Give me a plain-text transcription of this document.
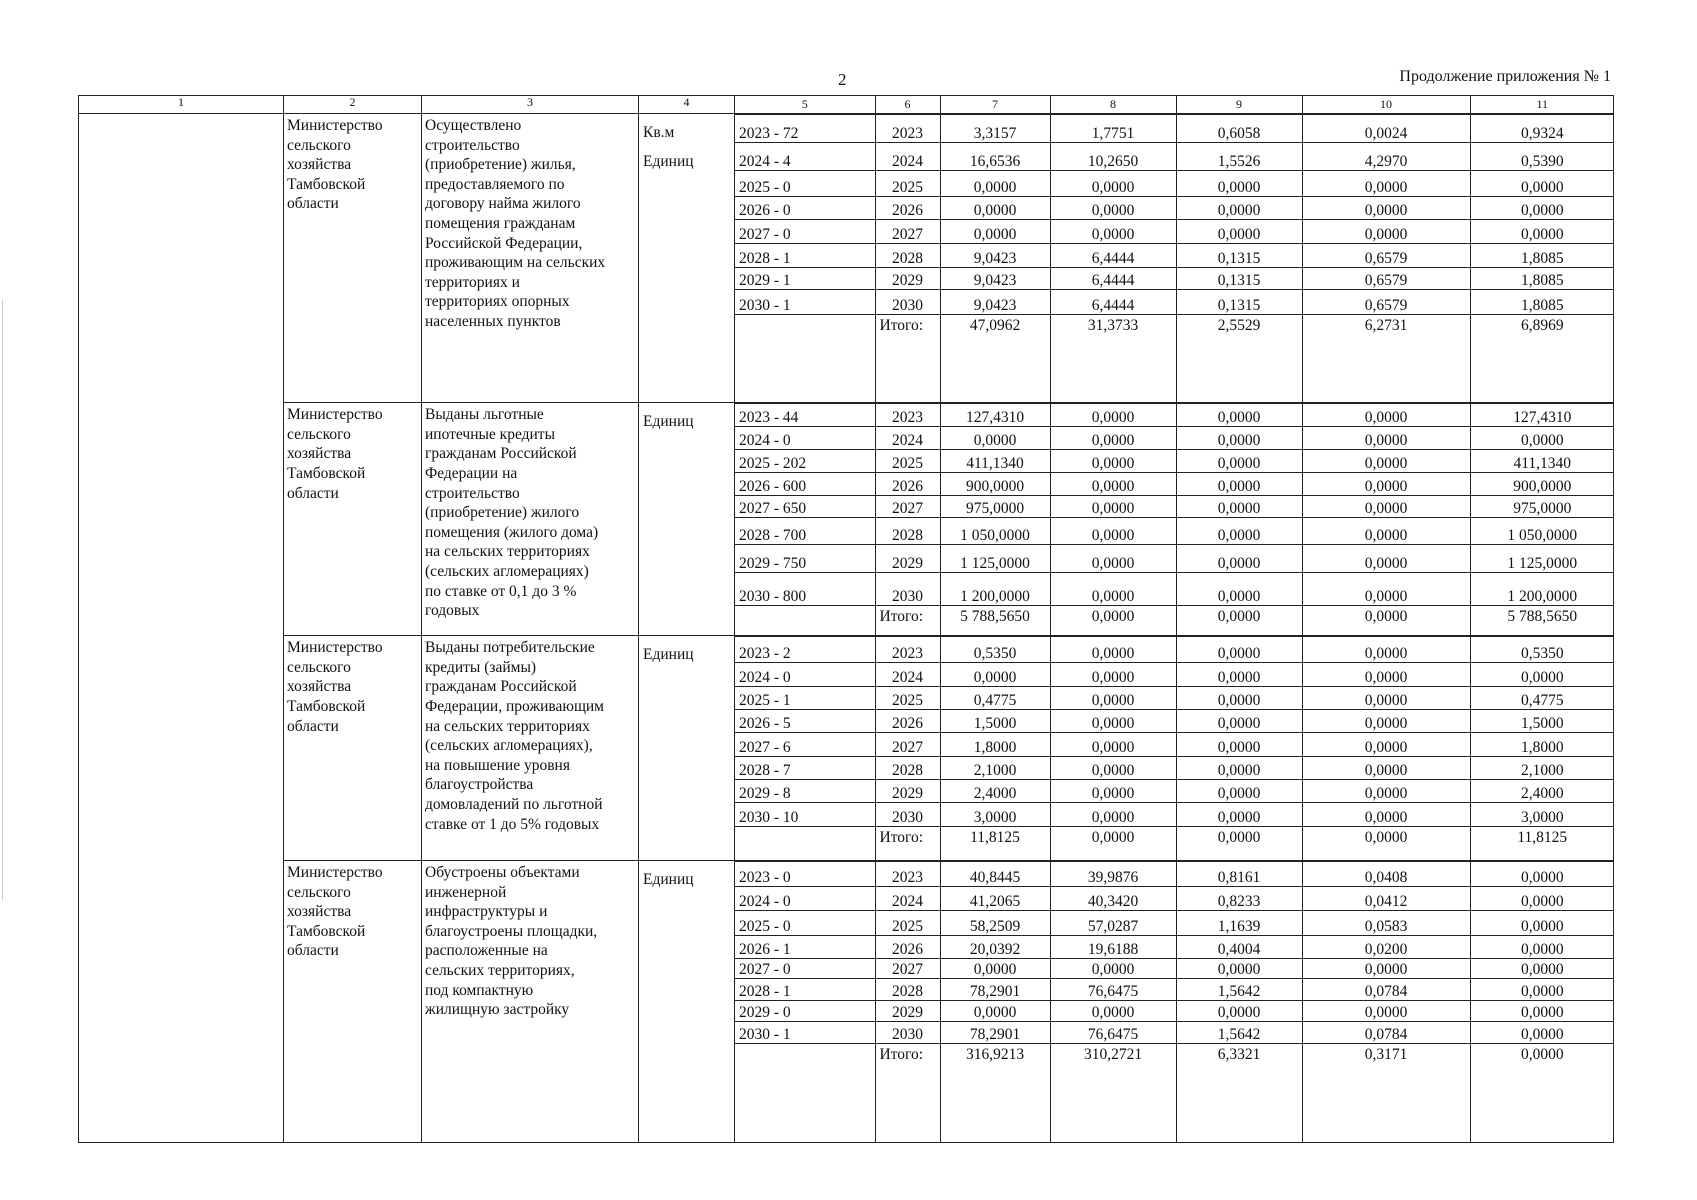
2	Продолжение приложения № 1
1	2	3	4		5	6	7	8	9	10	11

	Министерство
сельского
хозяйства
Тамбовской
области	Осуществлено
строительство
(приобретение) жилья,
предоставляемого по
договору найма жилого
помещения гражданам
Российской Федерации,
проживающим на сельских
территориях и
территориях опорных
населенных пунктов	Кв.м
Единиц	
2023 - 72	2023	3,3157	1,7751	0,6058	0,0024	0,9324
2024 - 4	2024	16,6536	10,2650	1,5526	4,2970	0,5390
2025 - 0	2025	0,0000	0,0000	0,0000	0,0000	0,0000
2026 - 0	2026	0,0000	0,0000	0,0000	0,0000	0,0000
2027 - 0	2027	0,0000	0,0000	0,0000	0,0000	0,0000
2028 - 1	2028	9,0423	6,4444	0,1315	0,6579	1,8085
2029 - 1	2029	9,0423	6,4444	0,1315	0,6579	1,8085
2030 - 1	2030	9,0423	6,4444	0,1315	0,6579	1,8085
	Итого:	47,0962	31,3733	2,5529	6,2731	6,8969

Министерство
сельского
хозяйства
Тамбовской
области	Выданы льготные
ипотечные кредиты
гражданам Российской
Федерации на
строительство
(приобретение) жилого
помещения (жилого дома)
на сельских территориях
(сельских агломерациях)
по ставке от 0,1 до 3 %
годовых	Единиц		2023 - 44	2023	127,4310	0,0000	0,0000	0,0000	127,4310
2024 - 0	2024	0,0000	0,0000	0,0000	0,0000	0,0000
2025 - 202	2025	411,1340	0,0000	0,0000	0,0000	411,1340
2026 - 600	2026	900,0000	0,0000	0,0000	0,0000	900,0000
2027 - 650	2027	975,0000	0,0000	0,0000	0,0000	975,0000
2028 - 700	2028	1 050,0000	0,0000	0,0000	0,0000	1 050,0000
2029 - 750	2029	1 125,0000	0,0000	0,0000	0,0000	1 125,0000
2030 - 800	2030	1 200,0000	0,0000	0,0000	0,0000	1 200,0000
	Итого:	5 788,5650	0,0000	0,0000	0,0000	5 788,5650

Министерство
сельского
хозяйства
Тамбовской
области	Выданы потребительские
кредиты (займы)
гражданам Российской
Федерации, проживающим
на сельских территориях
(сельских агломерациях),
на повышение уровня
благоустройства
домовладений по льготной
ставке от 1 до 5% годовых	Единиц		2023 - 2	2023	0,5350	0,0000	0,0000	0,0000	0,5350
2024 - 0	2024	0,0000	0,0000	0,0000	0,0000	0,0000
2025 - 1	2025	0,4775	0,0000	0,0000	0,0000	0,4775
2026 - 5	2026	1,5000	0,0000	0,0000	0,0000	1,5000
2027 - 6	2027	1,8000	0,0000	0,0000	0,0000	1,8000
2028 - 7	2028	2,1000	0,0000	0,0000	0,0000	2,1000
2029 - 8	2029	2,4000	0,0000	0,0000	0,0000	2,4000
2030 - 10	2030	3,0000	0,0000	0,0000	0,0000	3,0000
	Итого:	11,8125	0,0000	0,0000	0,0000	11,8125

Министерство
сельского
хозяйства
Тамбовской
области	Обустроены объектами
инженерной
инфраструктуры и
благоустроены площадки,
расположенные на
сельских территориях,
под компактную
жилищную застройку	Единиц		2023 - 0	2023	40,8445	39,9876	0,8161	0,0408	0,0000
2024 - 0	2024	41,2065	40,3420	0,8233	0,0412	0,0000
2025 - 0	2025	58,2509	57,0287	1,1639	0,0583	0,0000
2026 - 1	2026	20,0392	19,6188	0,4004	0,0200	0,0000
2027 - 0	2027	0,0000	0,0000	0,0000	0,0000	0,0000
2028 - 1	2028	78,2901	76,6475	1,5642	0,0784	0,0000
2029 - 0	2029	0,0000	0,0000	0,0000	0,0000	0,0000
2030 - 1	2030	78,2901	76,6475	1,5642	0,0784	0,0000
	Итого:	316,9213	310,2721	6,3321	0,3171	0,0000
